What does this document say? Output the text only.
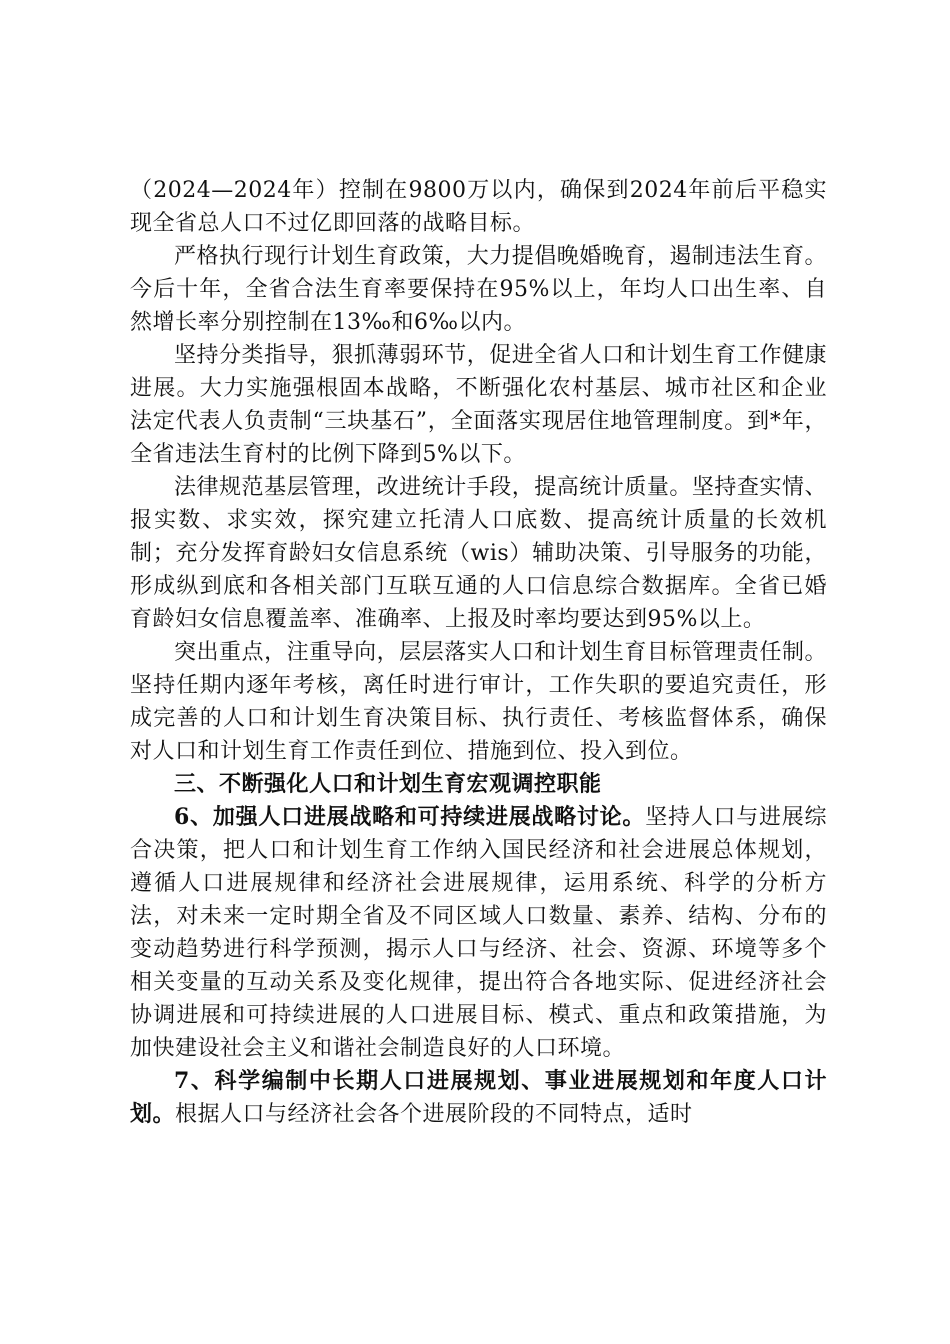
（2024—2024年）控制在9800万以内，确保到2024年前后平稳实现全省总人口不过亿即回落的战略目标。

严格执行现行计划生育政策，大力提倡晚婚晚育，遏制违法生育。今后十年，全省合法生育率要保持在95%以上，年均人口出生率、自然增长率分别控制在13‰和6‰以内。

坚持分类指导，狠抓薄弱环节，促进全省人口和计划生育工作健康进展。大力实施强根固本战略，不断强化农村基层、城市社区和企业法定代表人负责制“三块基石”，全面落实现居住地管理制度。到*年，全省违法生育村的比例下降到5%以下。

法律规范基层管理，改进统计手段，提高统计质量。坚持查实情、报实数、求实效，探究建立托清人口底数、提高统计质量的长效机制；充分发挥育龄妇女信息系统（wis）辅助决策、引导服务的功能，形成纵到底和各相关部门互联互通的人口信息综合数据库。全省已婚育龄妇女信息覆盖率、准确率、上报及时率均要达到95%以上。

突出重点，注重导向，层层落实人口和计划生育目标管理责任制。坚持任期内逐年考核，离任时进行审计，工作失职的要追究责任，形成完善的人口和计划生育决策目标、执行责任、考核监督体系，确保对人口和计划生育工作责任到位、措施到位、投入到位。

三、不断强化人口和计划生育宏观调控职能

6、加强人口进展战略和可持续进展战略讨论。坚持人口与进展综合决策，把人口和计划生育工作纳入国民经济和社会进展总体规划，遵循人口进展规律和经济社会进展规律，运用系统、科学的分析方法，对未来一定时期全省及不同区域人口数量、素养、结构、分布的变动趋势进行科学预测，揭示人口与经济、社会、资源、环境等多个相关变量的互动关系及变化规律，提出符合各地实际、促进经济社会协调进展和可持续进展的人口进展目标、模式、重点和政策措施，为加快建设社会主义和谐社会制造良好的人口环境。

7、科学编制中长期人口进展规划、事业进展规划和年度人口计划。根据人口与经济社会各个进展阶段的不同特点，适时
